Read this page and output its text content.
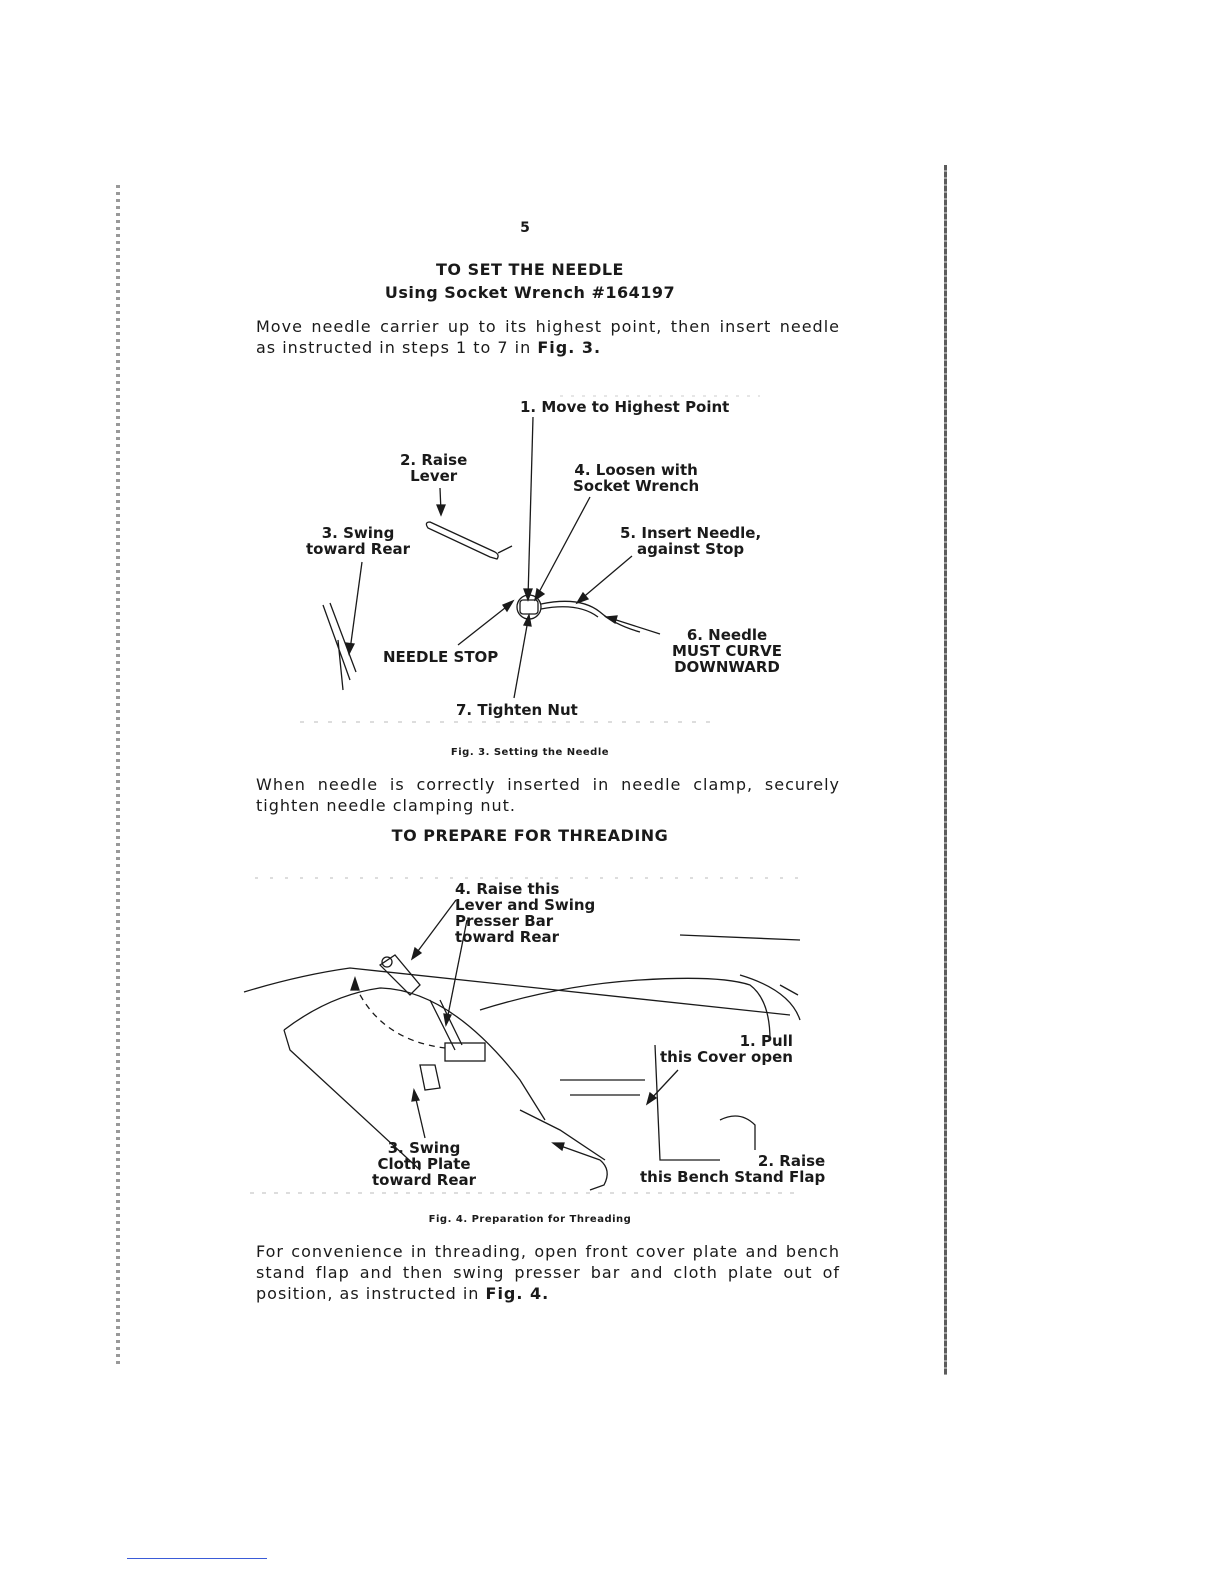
5
TO SET THE NEEDLE
Using Socket Wrench #164197
Move needle carrier up to its highest point, then insert needle as instructed in steps 1 to 7 in Fig. 3.
1. Move to Highest Point
2. Raise
Lever	4. Loosen with
Socket Wrench
3. Swing
toward Rear
5. Insert Needle,
against Stop
6. Needle
MUST CURVE
DOWNWARD
NEEDLE STOP
7. Tighten Nut
Fig. 3. Setting the Needle
When needle is correctly inserted in needle clamp, securely tighten needle clamping nut.
TO PREPARE FOR THREADING
4. Raise this
Lever and Swing
Presser Bar
toward Rear
1. Pull
this Cover open
3. Swing
Cloth Plate
toward Rear
2. Raise
this Bench Stand Flap
Fig. 4. Preparation for Threading
For convenience in threading, open front cover plate and bench stand flap and then swing presser bar and cloth plate out of position, as instructed in Fig. 4.
